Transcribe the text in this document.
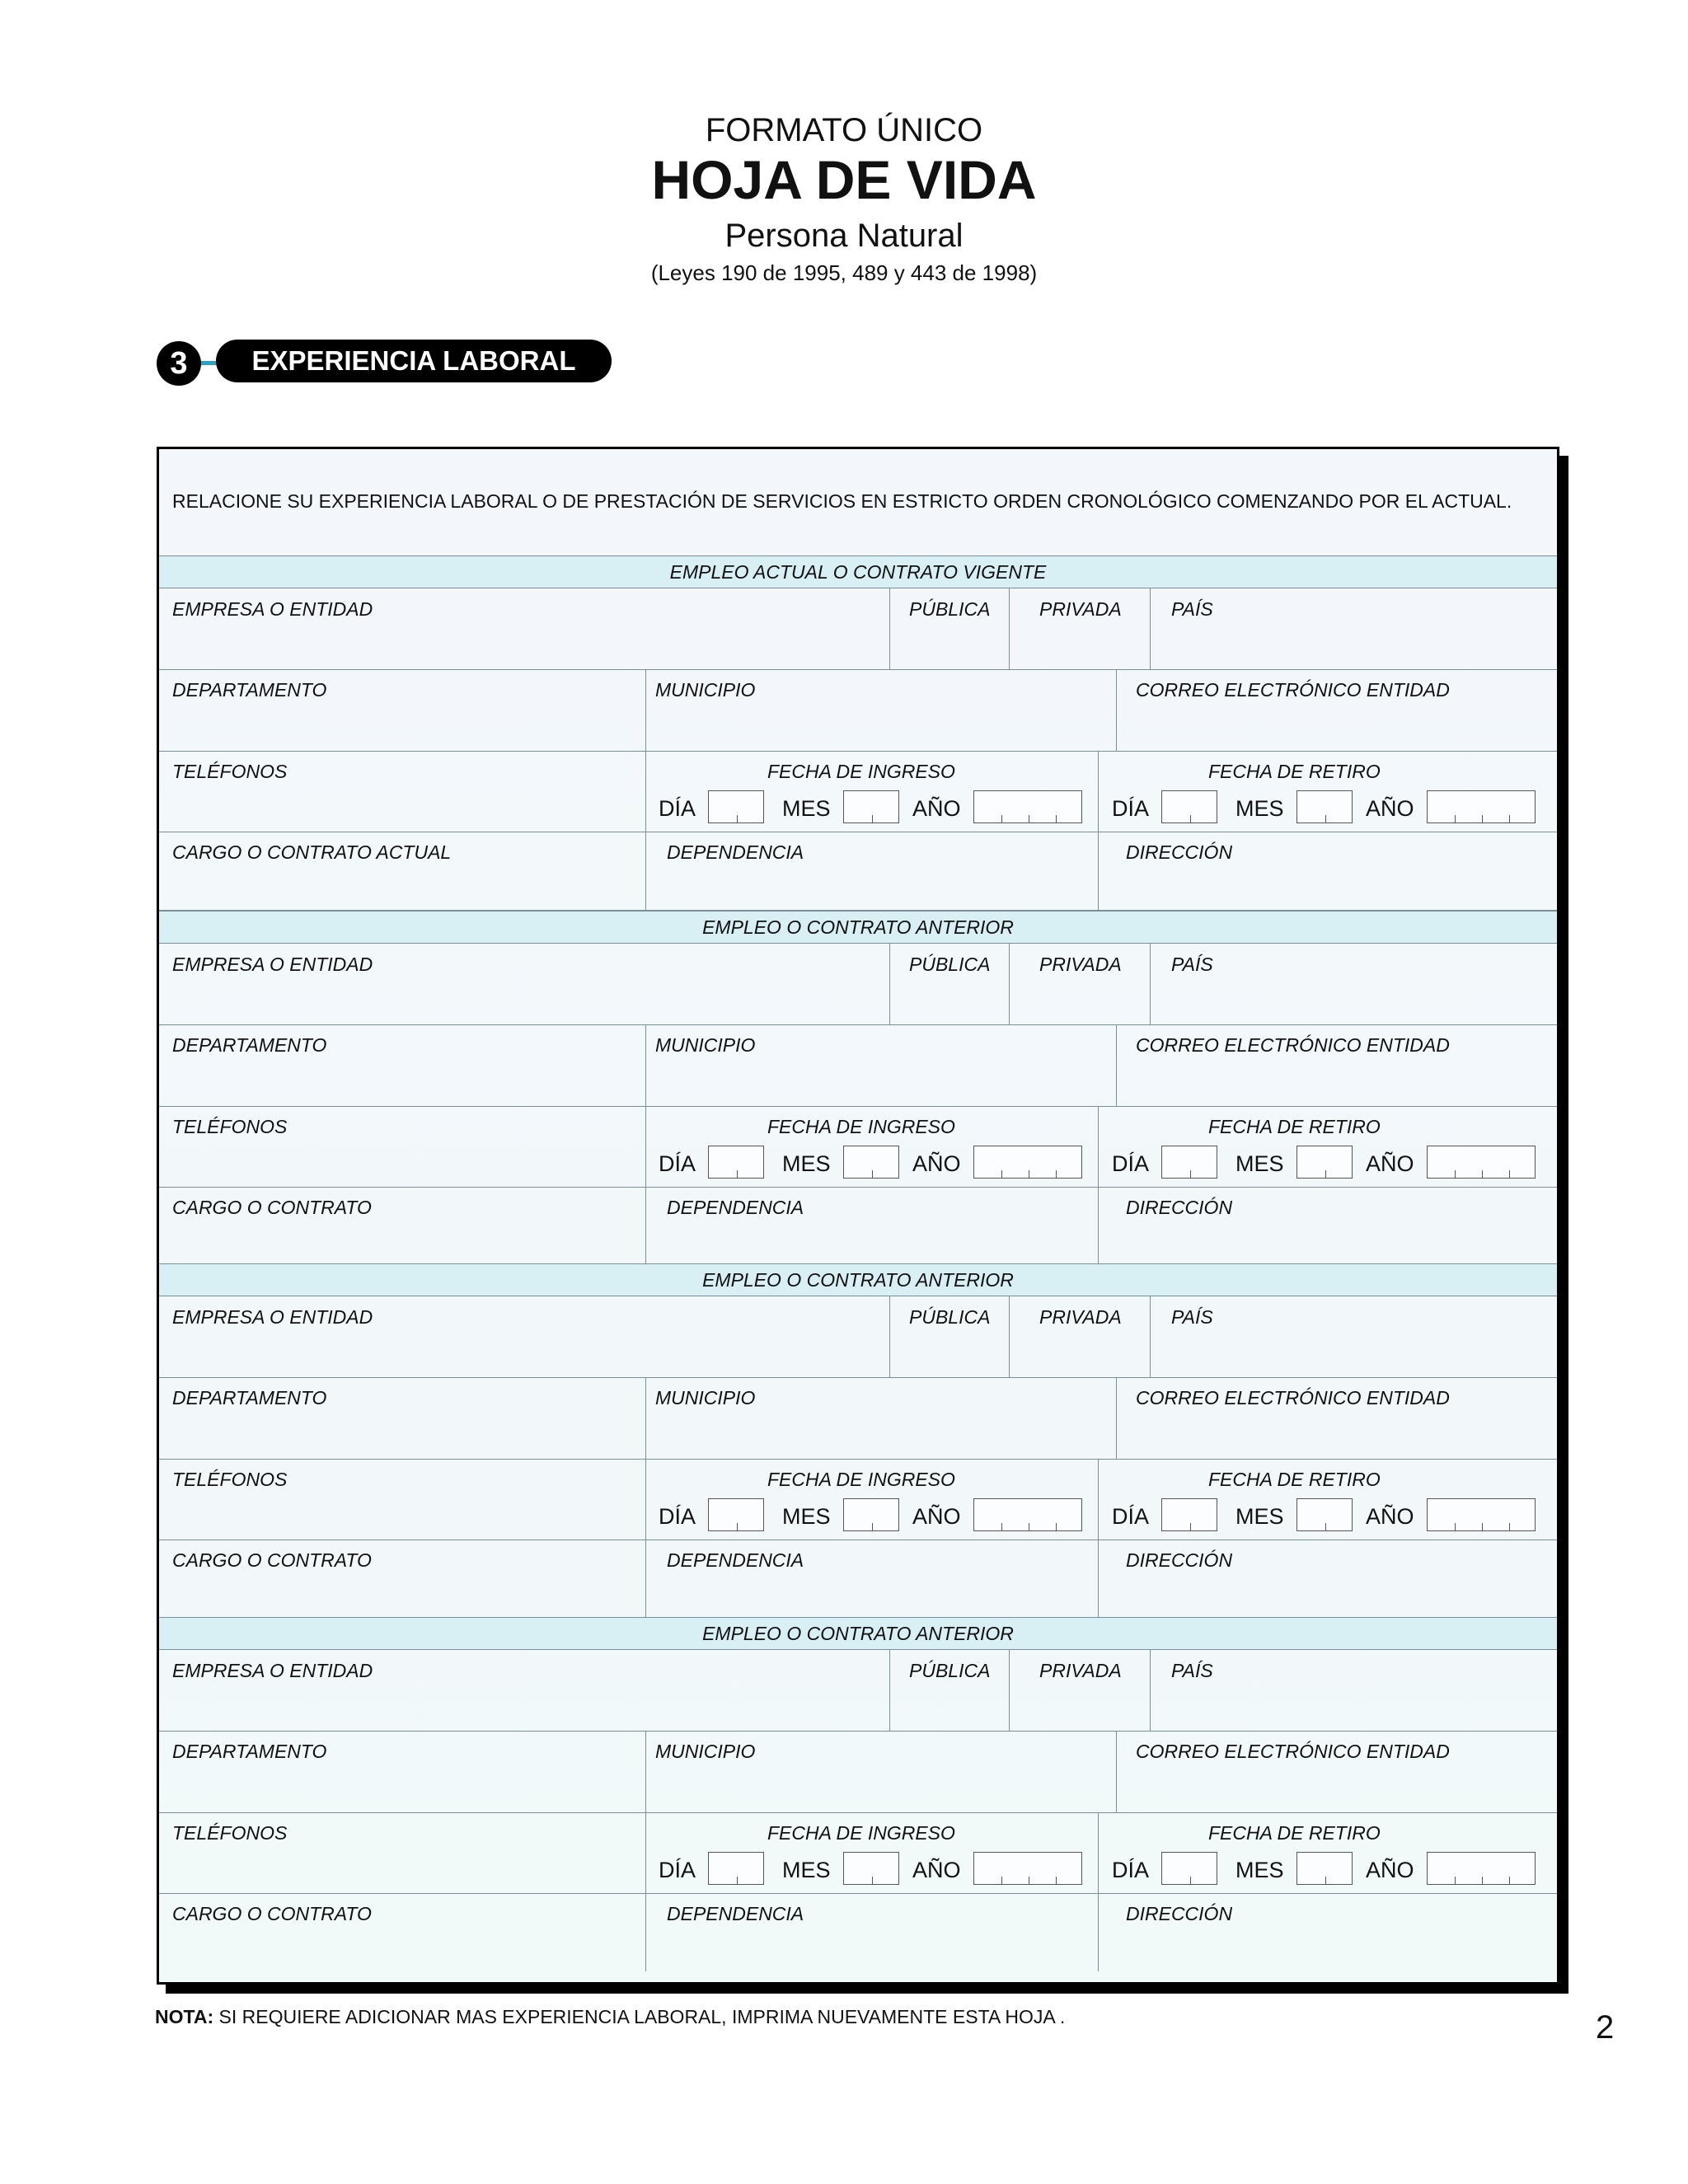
FORMATO ÚNICO
HOJA DE VIDA
Persona Natural
(Leyes 190 de 1995, 489 y 443 de 1998)
3	EXPERIENCIA LABORAL
RELACIONE SU EXPERIENCIA LABORAL O DE PRESTACIÓN DE SERVICIOS EN ESTRICTO ORDEN CRONOLÓGICO COMENZANDO POR EL ACTUAL.
EMPLEO ACTUAL O CONTRATO VIGENTE
EMPRESA O ENTIDAD	PÚBLICA	PRIVADA	PAÍS
DEPARTAMENTO	MUNICIPIO	CORREO ELECTRÓNICO ENTIDAD
TELÉFONOS	FECHA DE INGRESO	FECHA DE RETIRO
DÍA	MES	AÑO	DÍA	MES	AÑO
CARGO O CONTRATO ACTUAL	DEPENDENCIA	DIRECCIÓN
EMPLEO O CONTRATO ANTERIOR
EMPRESA O ENTIDAD	PÚBLICA	PRIVADA	PAÍS
DEPARTAMENTO	MUNICIPIO	CORREO ELECTRÓNICO ENTIDAD
TELÉFONOS	FECHA DE INGRESO	FECHA DE RETIRO
DÍA	MES	AÑO	DÍA	MES	AÑO
CARGO O CONTRATO	DEPENDENCIA	DIRECCIÓN
EMPLEO O CONTRATO ANTERIOR
EMPRESA O ENTIDAD	PÚBLICA	PRIVADA	PAÍS
DEPARTAMENTO	MUNICIPIO	CORREO ELECTRÓNICO ENTIDAD
TELÉFONOS	FECHA DE INGRESO	FECHA DE RETIRO
DÍA	MES	AÑO	DÍA	MES	AÑO
CARGO O CONTRATO	DEPENDENCIA	DIRECCIÓN
EMPLEO O CONTRATO ANTERIOR
EMPRESA O ENTIDAD	PÚBLICA	PRIVADA	PAÍS
DEPARTAMENTO	MUNICIPIO	CORREO ELECTRÓNICO ENTIDAD
TELÉFONOS	FECHA DE INGRESO	FECHA DE RETIRO
DÍA	MES	AÑO	DÍA	MES	AÑO
CARGO O CONTRATO	DEPENDENCIA	DIRECCIÓN
NOTA: SI REQUIERE ADICIONAR MAS EXPERIENCIA LABORAL, IMPRIMA NUEVAMENTE ESTA HOJA .	2
